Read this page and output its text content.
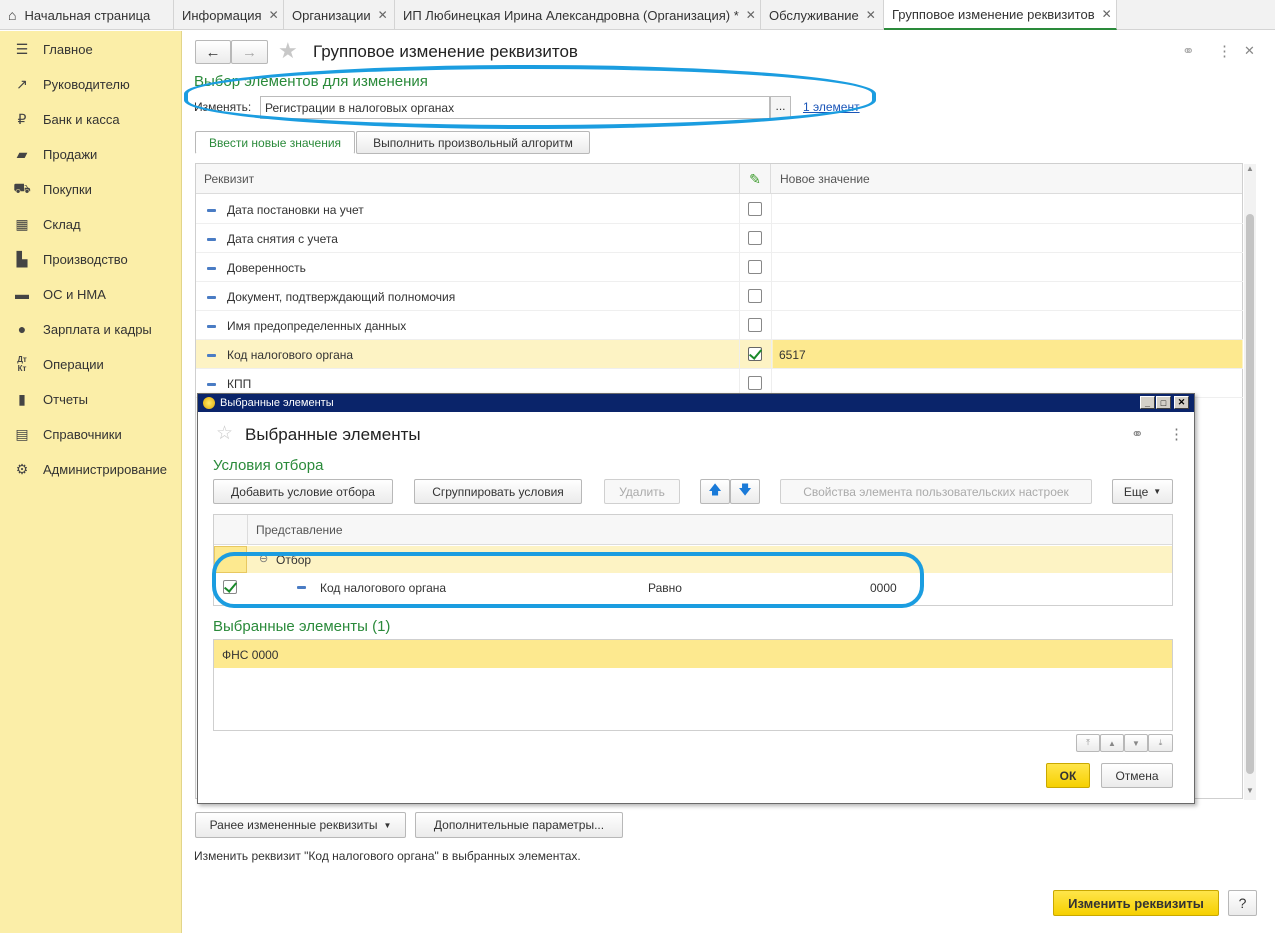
⌂ Начальная страница Информация ✕ Организации ✕ ИП Любинецкая Ирина Александровна (Организация) * ✕ Обслуживание ✕ Групповое изменение реквизитов ✕
☰ Главное
↗	Руководителю
₽	Банк и касса
▰	Продажи
⛟ Покупки
▦ Склад
▙	Производство
▬ ОС и НМА
●	Зарплата и кадры
Дт
Кт	Операции
▮	Отчеты
▤ Справочники
⚙ Администрирование
← → ★ Групповое изменение реквизитов	⚭ ⋮ ✕
Выбор элементов для изменения
Изменять:	Регистрации в налоговых органах	...	1 элемент
Ввести новые значения	Выполнить произвольный алгоритм
Реквизит	✎	Новое значение
Дата постановки на учет
Дата снятия с учета
Доверенность
Документ, подтверждающий полномочия
Имя предопределенных данных
Код налогового органа	6517
КПП
▲
▼
Ранее измененные реквизиты ▼	Дополнительные параметры...
Изменить реквизит "Код налогового органа" в выбранных элементах.
Изменить реквизиты	?
Выбранные элементы	_	□	✕
☆ Выбранные элементы	⚭ ⋮
Условия отбора
Добавить условие отбора	Сгруппировать условия	Удалить	🡅 🡇	Свойства элемента пользовательских настроек	Еще ▼
Представление
⊖ Отбор
Код налогового органа	Равно	0000
Выбранные элементы (1)
ФНС 0000
⤒	▲	▼	⤓
ОК	Отмена
